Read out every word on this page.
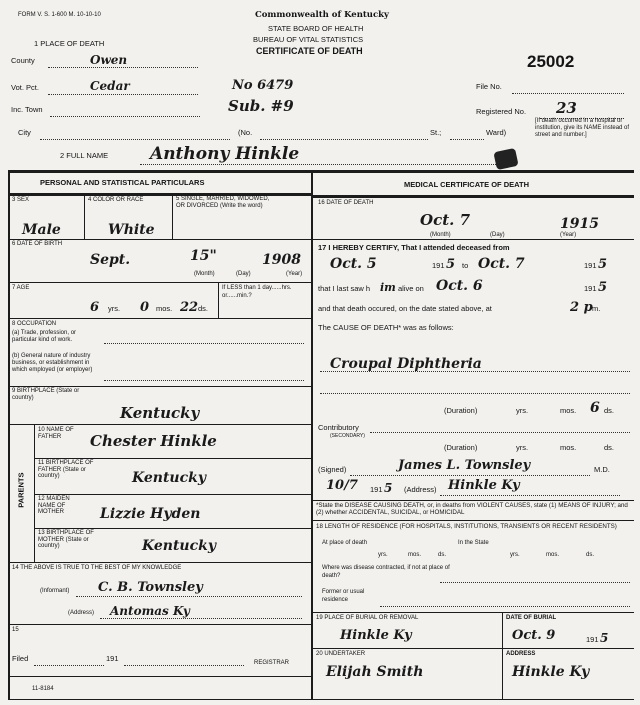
FORM V. S. 1-600 M. 10-10-10	Commonwealth of Kentucky
STATE BOARD OF HEALTH
BUREAU OF VITAL STATISTICS
CERTIFICATE OF DEATH
25002
1 PLACE OF DEATH
County	Owen
Vot. Pct.	Cedar
Inc. Town
No 6479
Sub. #9
File No.
Registered No. 23
City	(No.	St.;	Ward)
[If death occurred in a hospital or institution, give its NAME instead of street and number.]
2 FULL NAME Anthony Hinkle
PERSONAL AND STATISTICAL PARTICULARS
3 SEX
Male
4 COLOR OR RACE
White
5 SINGLE, MARRIED, WIDOWED, OR DIVORCED (Write the word)
6 DATE OF BIRTH
Sept.	15"	1908
(Month)	(Day)	(Year)
7 AGE
6 yrs. 0 mos. 22 ds.
If LESS than 1 day......hrs. or......min.?
8 OCCUPATION
(a) Trade, profession, or particular kind of work.
(b) General nature of industry business, or establishment in which employed (or employer)
9 BIRTHPLACE (State or country)
Kentucky
PARENTS
10 NAME OF FATHER	Chester Hinkle
11 BIRTHPLACE OF FATHER (State or country)	Kentucky
12 MAIDEN NAME OF MOTHER	Lizzie Hyden
13 BIRTHPLACE OF MOTHER (State or country)	Kentucky
14 THE ABOVE IS TRUE TO THE BEST OF MY KNOWLEDGE
(Informant) C. B. Townsley
(Address) Antomas Ky
15
Filed	191	REGISTRAR
11-8184
MEDICAL CERTIFICATE OF DEATH
16 DATE OF DEATH
Oct. 7	1915
(Month)	(Day)	(Year)
17 I HEREBY CERTIFY, That I attended deceased from
Oct. 5	191 5 to Oct. 7	191 5
that I last saw h im alive on Oct. 6	191 5
and that death occured, on the date stated above, at	2 p m.
The CAUSE OF DEATH* was as follows:
Croupal Diphtheria
(Duration)	yrs.	mos. 6 ds.
Contributory
(SECONDARY)
(Duration)	yrs.	mos.	ds.
(Signed)	James L. Townsley	M.D.
10/7 191 5 (Address) Hinkle Ky
*State the DISEASE CAUSING DEATH, or, in deaths from VIOLENT CAUSES, state (1) MEANS OF INJURY; and (2) whether ACCIDENTAL, SUICIDAL, or HOMICIDAL
18 LENGTH OF RESIDENCE (FOR HOSPITALS, INSTITUTIONS, TRANSIENTS OR RECENT RESIDENTS)
At place of death
yrs.	mos.	ds.
In the State
yrs.	mos.	ds.
Where was disease contracted, if not at place of death?
Former or usual residence
19 PLACE OF BURIAL OR REMOVAL
Hinkle Ky
DATE OF BURIAL
Oct. 9	191 5
20 UNDERTAKER
Elijah Smith
ADDRESS
Hinkle Ky
